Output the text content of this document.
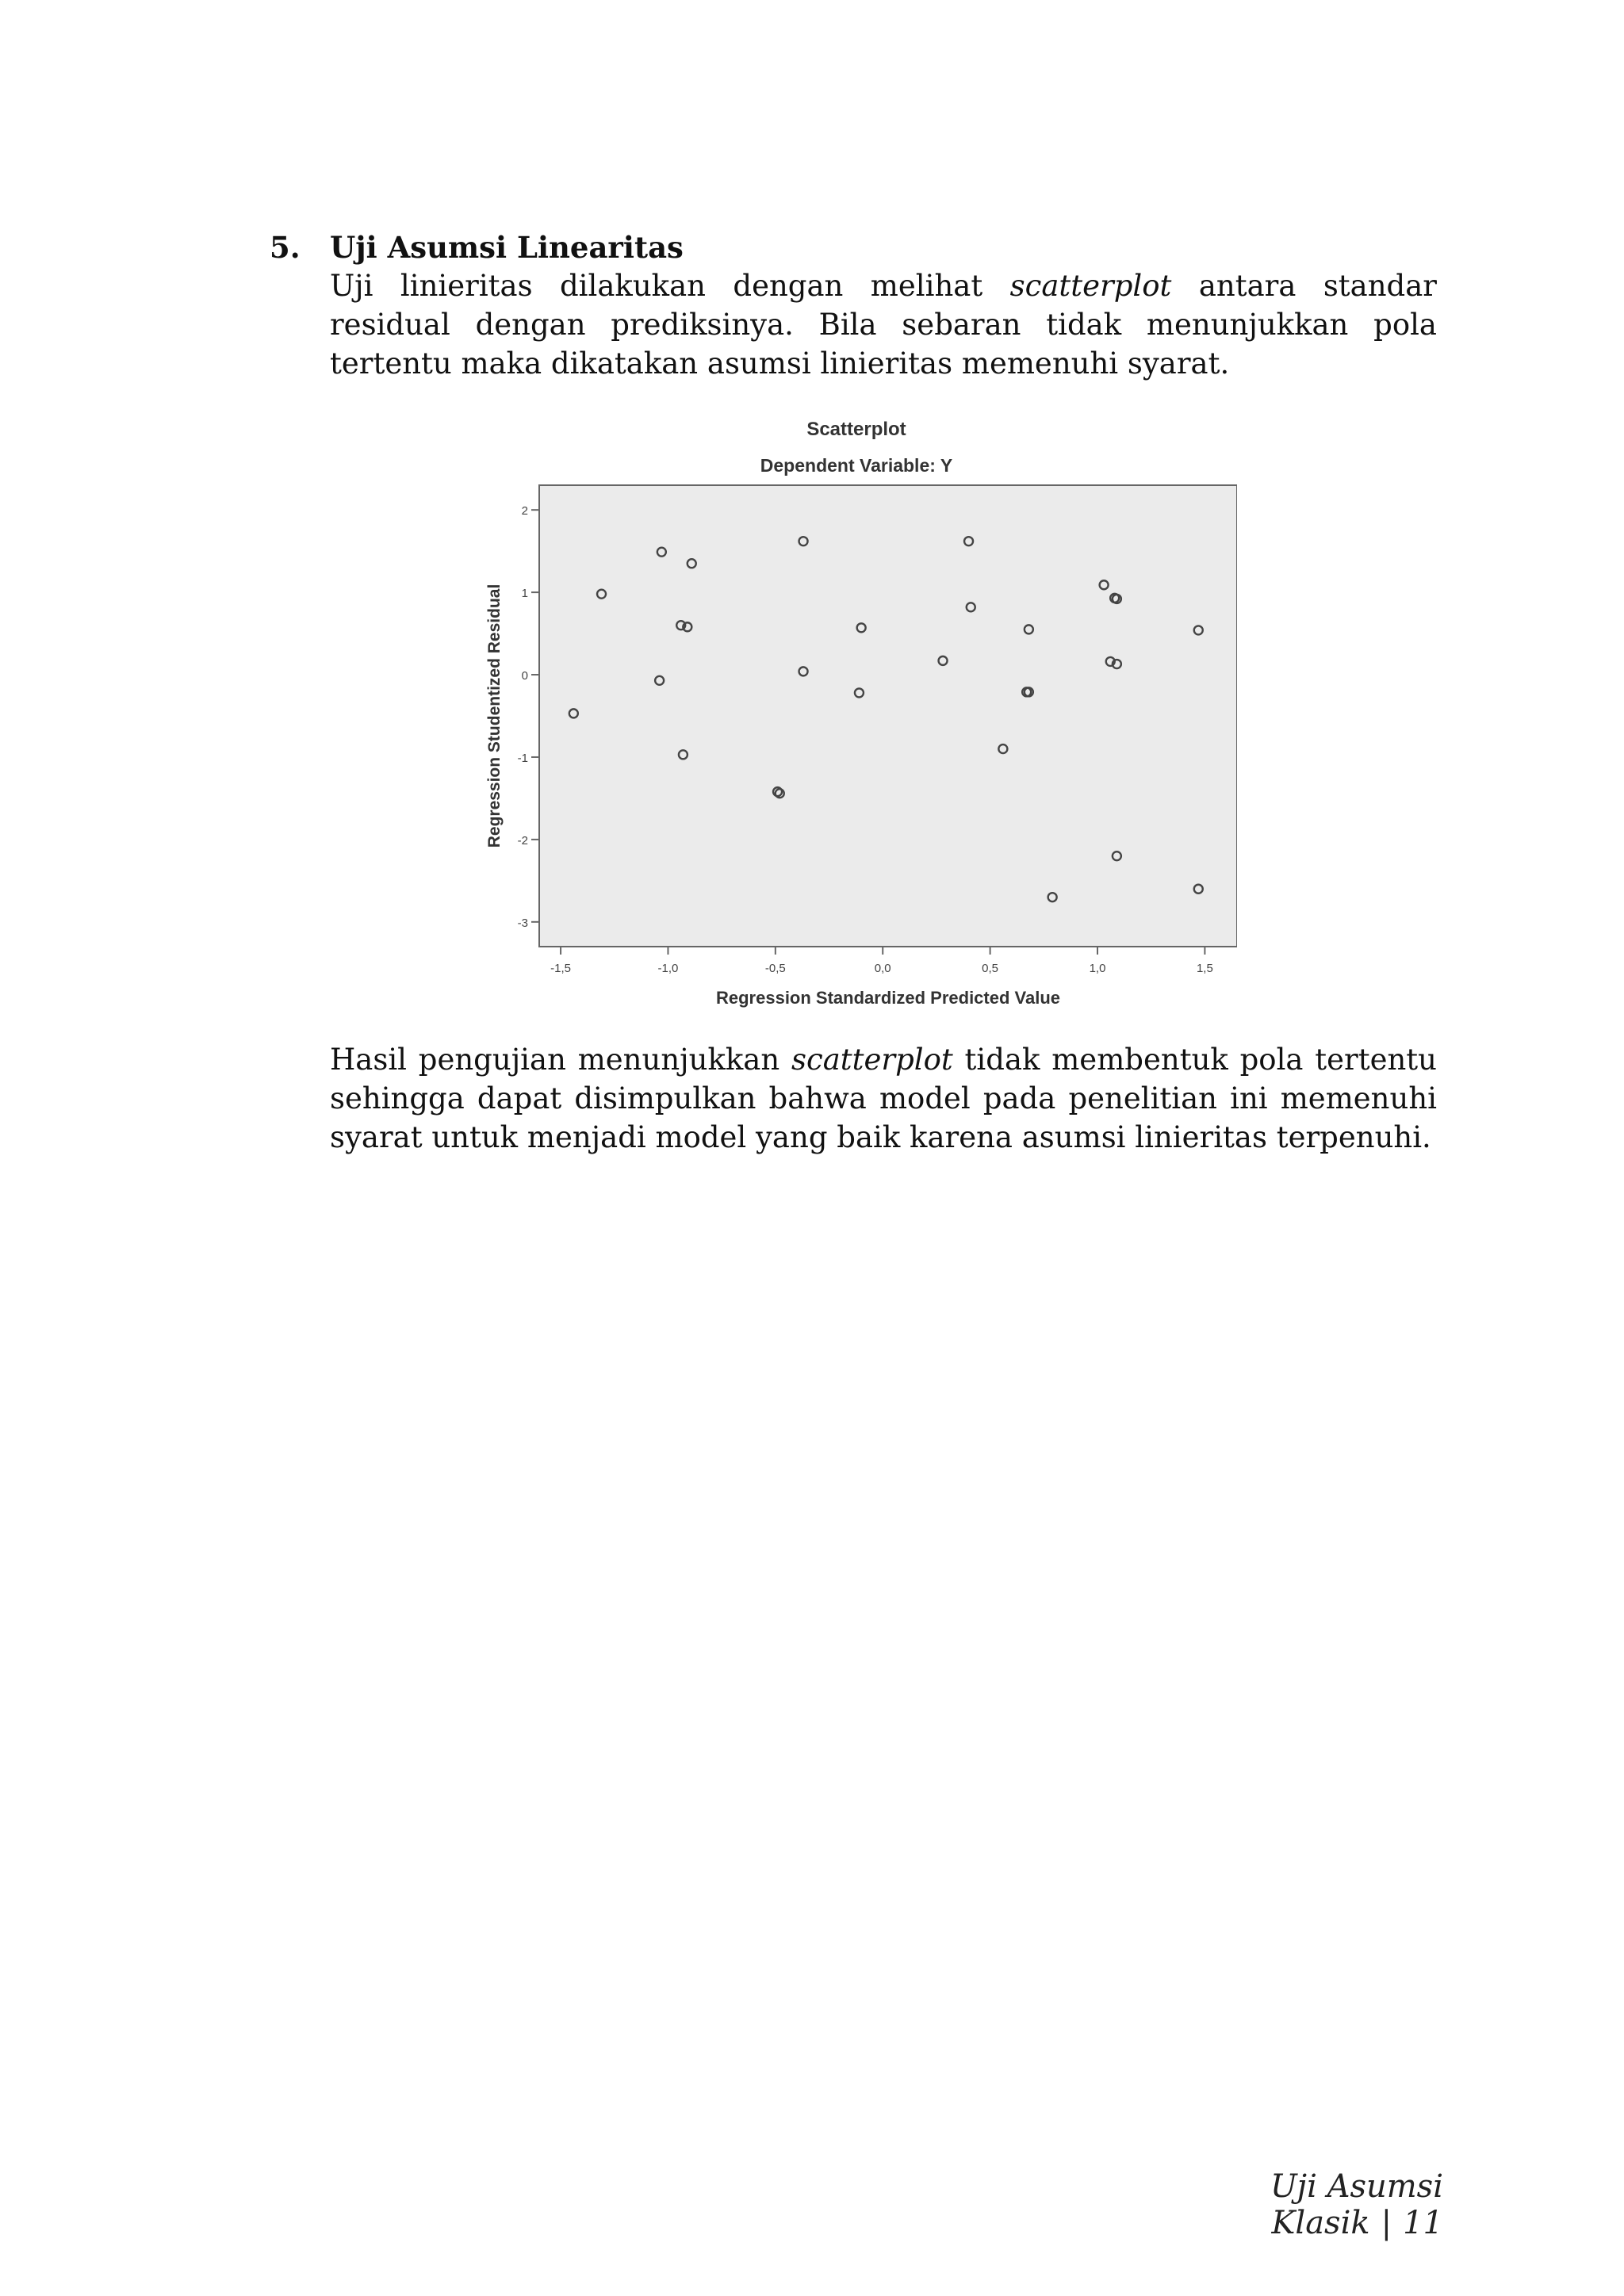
5.	Uji Asumsi Linearitas

Uji linieritas dilakukan dengan melihat scatterplot antara standar residual dengan prediksinya. Bila sebaran tidak menunjukkan pola tertentu maka dikatakan asumsi linieritas memenuhi syarat.

Scatterplot
Dependent Variable: Y
2
1
0
-1
-2
-3
-1,5	-1,0	-0,5	0,0	0,5	1,0	1,5
Regression Standardized Predicted Value
Regression Studentized Residual

Hasil pengujian menunjukkan scatterplot tidak membentuk pola tertentu sehingga dapat disimpulkan bahwa model pada penelitian ini memenuhi syarat untuk menjadi model yang baik karena asumsi linieritas terpenuhi.

Uji Asumsi Klasik | 11
